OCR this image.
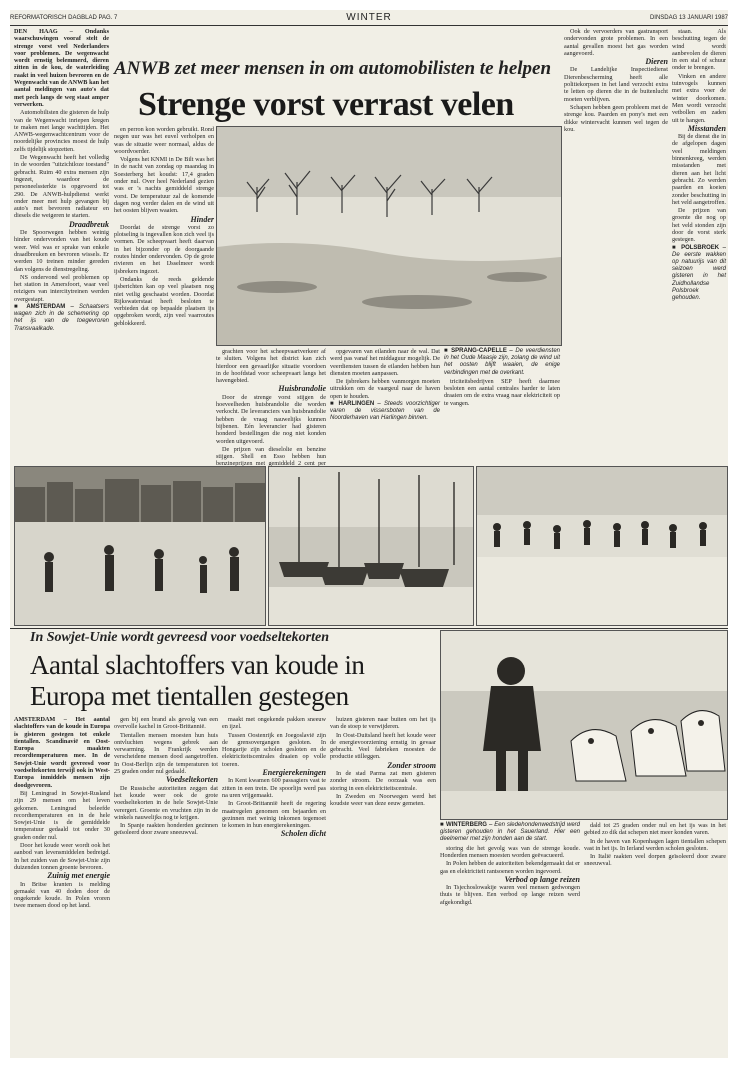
REFORMATORISCH DAGBLAD PAG. 7	WINTER	DINSDAG 13 JANUARI 1987

DEN HAAG – Ondanks waarschuwingen vooraf stelt de strenge vorst veel Nederlanders voor problemen. De wegenwacht wordt ernstig belemmerd, dieren zitten in de kou, de waterleiding raakt in veel huizen bevroren en de Wegenwacht van de ANWB kan het aantal meldingen van auto's dat met pech langs de weg staat amper verwerken.

Automobilisten die gisteren de hulp van de Wegenwacht inriepen kregen te maken met lange wachttijden. Het ANWB-wegenwachtcentrum voor de noordelijke provincies moest de hulp zelfs tijdelijk stopzetten.

De Wegenwacht heeft het volledig in de woorden "uitzichtloze toestand" gebracht. Ruim 40 extra mensen zijn ingezet, waardoor de personeelssterkte is opgevoerd tot 290. De ANWB-hulpdienst werkt onder meer met hulp gevangen bij auto's met bevroren radiateur en diesels die weigeren te starten.

Draadbreuk

De Spoorwegen hebben weinig hinder ondervonden van het koude weer. Wel was er sprake van enkele draadbreuken en bevroren wissels. Er werden 10 treinen minder gereden dan volgens de dienstregeling.

NS ondervond wel problemen op het station in Amersfoort, waar veel reizigers van intercitytreinen werden overgestapt.

■ AMSTERDAM – Schaatsers wagen zich in de schemering op het ijs van de toegevroren Transvaalkade.

ANWB zet meer mensen in om automobilisten te helpen
Strenge vorst verrast velen

en perron kon worden gebruikt. Rond negen uur was het euvel verholpen en was de situatie weer normaal, aldus de woordvoerder.

Volgens het KNMI in De Bilt was het in de nacht van zondag op maandag in Soesterberg het koudst: 17,4 graden onder nul. Over heel Nederland gezien was er 's nachts gemiddeld strenge vorst. De temperatuur zal de komende dagen nog verder dalen en de wind uit het oosten blijven waaien.

Hinder

Doordat de strenge vorst zo plotseling is ingevallen kon zich veel ijs vormen. De scheepvaart heeft daarvan in het bijzonder op de doorgaande routes hinder ondervonden. Op de grote rivieren en het IJsselmeer wordt ijsbrekers ingezet.

Ondanks de reeds geldende ijsberichten kan op veel plaatsen nog niet veilig geschaatst worden. Doordat Rijkswaterstaat heeft besloten te verbieden dat op bepaalde plaatsen ijs opgebroken wordt, zijn veel vaarroutes geblokkeerd.

grachten voor het scheepvaartverkeer af te sluiten. Volgens het district kan zich hierdoor een gevaarlijke situatie voordoen in de hoofdstad voor scheepvaart langs het havengebied.

Huisbrandolie

Door de strenge vorst stijgen de hoeveelheden huisbrandolie die worden verkocht. De leveranciers van huisbrandolie hebben de vraag nauwelijks kunnen bijbenen. Eén leverancier had gisteren honderd bestellingen die nog niet konden worden uitgevoerd.

De prijzen van dieselolie en benzine stijgen. Shell en Esso hebben hun benzineprijzen met gemiddeld 2 cent per

opgevaren van eilanden naar de wal. Dat werd pas vanaf het middaguur mogelijk. De veerdiensten tussen de eilanden hebben hun diensten moeten aanpassen.

De ijsbrekers hebben vanmorgen moeten uitrukken om de vaargeul naar de haven open te houden.

■ HARLINGEN – Steeds voorzichtiger varen de vissersboten van de Noorderhaven van Harlingen binnen.

■ SPRANG-CAPELLE – De veerdiensten in het Oude Maasje zijn, zolang de wind uit het oosten blijft waaien, de enige verbindingen met de overkant.

triciteitsbedrijven SEP heeft daarmee besloten een aantal centrales harder te laten draaien om de extra vraag naar elektriciteit op te vangen.

Ook de vervoerders van gastransport ondervonden grote problemen. In een aantal gevallen moest het gas worden aangevoerd.

Dieren

De Landelijke Inspectiedienst Dierenbescherming heeft alle politiekorpsen in het land verzocht extra te letten op dieren die in de buitenlucht moeten verblijven.

Schapen hebben geen probleem met de strenge kou. Paarden en pony's met een dikke wintervacht kunnen wel tegen de kou.

staan. Als beschutting tegen de wind wordt aanbevolen de dieren in een stal of schuur onder te brengen.

Vinken en andere tuinvogels kunnen met extra voer de winter doorkomen. Men wordt verzocht vetbollen en zaden uit te hangen.

Misstanden

Bij de dienst die in de afgelopen dagen veel meldingen binnenkreeg, werden misstanden met dieren aan het licht gebracht. Zo werden paarden en koeien zonder beschutting in het veld aangetroffen.

De prijzen van groente die nog op het veld stonden zijn door de vorst sterk gestegen.

■ POLSBROEK – De eerste wakken op natuurijs van dit seizoen werd gisteren in het Zuidhollandse Polsbroek gehouden.

In Sowjet-Unie wordt gevreesd voor voedseltekorten
Aantal slachtoffers van koude in
Europa met tientallen gestegen

AMSTERDAM – Het aantal slachtoffers van de koude in Europa is gisteren gestegen tot enkele tientallen. Scandinavië en Oost-Europa maakten recordtemperaturen mee. In de Sowjet-Unie wordt gevreesd voor voedseltekorten terwijl ook in West-Europa inmiddels mensen zijn doodgevroren.

Bij Leningrad in Sowjet-Rusland zijn 29 mensen om het leven gekomen. Leningrad beleefde recordtemperaturen en in de hele Sowjet-Unie is de gemiddelde temperatuur gedaald tot onder 30 graden onder nul.

Door het koude weer wordt ook het aanbod van levensmiddelen bedreigd. In het zuiden van de Sowjet-Unie zijn duizenden tonnen groente bevroren.

Zuinig met energie

In Britse kranten is melding gemaakt van 40 doden door de ongekende koude. In Polen vroren twee mensen dood op het land.

gen bij een brand als gevolg van een overvolle kachel in Groot-Brittannië.

Tientallen mensen moesten hun huis ontvluchten wegens gebrek aan verwarming. In Frankrijk werden verscheidene mensen dood aangetroffen. In Oost-Berlijn zijn de temperaturen tot 25 graden onder nul gedaald.

Voedseltekorten

De Russische autoriteiten zeggen dat het koude weer ook de grote voedseltekorten in de hele Sowjet-Unie verergert. Groente en vruchten zijn in de winkels nauwelijks nog te krijgen.

In Spanje raakten honderden gezinnen geïsoleerd door zware sneeuwval.

maakt met ongekende pakken sneeuw en ijzel.

Tussen Oostenrijk en Joegoslavië zijn de grensovergangen gesloten. In Hongarije zijn scholen gesloten en de elektriciteitscentrales draaien op volle toeren.

Energierekeningen

In Kent kwamen 600 passagiers vast te zitten in een trein. De spoorlijn werd pas na uren vrijgemaakt.

In Groot-Brittannië heeft de regering maatregelen genomen om bejaarden en gezinnen met weinig inkomen tegemoet te komen in hun energierekeningen.

Scholen dicht

huizen gisteren naar buiten om het ijs van de stoep te verwijderen.

In Oost-Duitsland heeft het koude weer de energievoorziening ernstig in gevaar gebracht. Veel fabrieken moesten de productie stilleggen.

Zonder stroom

In de stad Parma zat men gisteren zonder stroom. De oorzaak was een storing in een elektriciteitscentrale.

In Zweden en Noorwegen werd het koudste weer van deze eeuw gemeten.

■ WINTERBERG – Een sledehondenwedstrijd werd gisteren gehouden in het Sauerland. Hier een deelnemer met zijn honden aan de start.

storing die het gevolg was van de strenge koude. Honderden mensen moesten worden geëvacueerd.

In Polen hebben de autoriteiten bekendgemaakt dat er gas en elektriciteit rantsoenen worden ingevoerd.

Verbod op lange reizen

In Tsjechoslowakije waren veel mensen gedwongen thuis te blijven. Een verbod op lange reizen werd afgekondigd.

dald tot 25 graden onder nul en het ijs was in het gebied zo dik dat schepen niet meer konden varen.

In de haven van Kopenhagen lagen tientallen schepen vast in het ijs. In Ierland werden scholen gesloten.

In Italië raakten veel dorpen geïsoleerd door zware sneeuwval.
